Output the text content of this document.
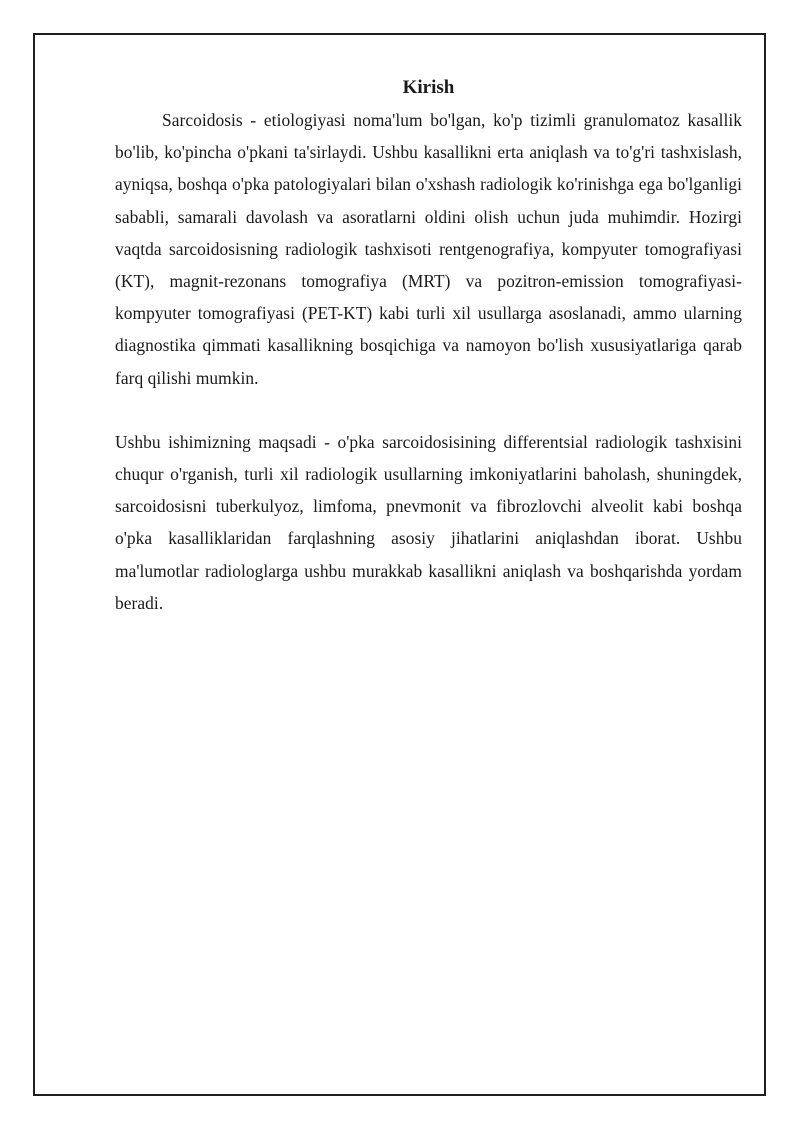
Kirish

Sarcoidosis - etiologiyasi noma'lum bo'lgan, ko'p tizimli granulomatoz kasallik bo'lib, ko'pincha o'pkani ta'sirlaydi. Ushbu kasallikni erta aniqlash va to'g'ri tashxislash, ayniqsa, boshqa o'pka patologiyalari bilan o'xshash radiologik ko'rinishga ega bo'lganligi sababli, samarali davolash va asoratlarni oldini olish uchun juda muhimdir. Hozirgi vaqtda sarcoidosisning radiologik tashxisoti rentgenografiya, kompyuter tomografiyasi (KT), magnit-rezonans tomografiya (MRT) va pozitron-emission tomografiyasi-kompyuter tomografiyasi (PET-KT) kabi turli xil usullarga asoslanadi, ammo ularning diagnostika qimmati kasallikning bosqichiga va namoyon bo'lish xususiyatlariga qarab farq qilishi mumkin.

Ushbu ishimizning maqsadi - o'pka sarcoidosisining differentsial radiologik tashxisini chuqur o'rganish, turli xil radiologik usullarning imkoniyatlarini baholash, shuningdek, sarcoidosisni tuberkulyoz, limfoma, pnevmonit va fibrozlovchi alveolit kabi boshqa o'pka kasalliklaridan farqlashning asosiy jihatlarini aniqlashdan iborat. Ushbu ma'lumotlar radiologlarga ushbu murakkab kasallikni aniqlash va boshqarishda yordam beradi.
